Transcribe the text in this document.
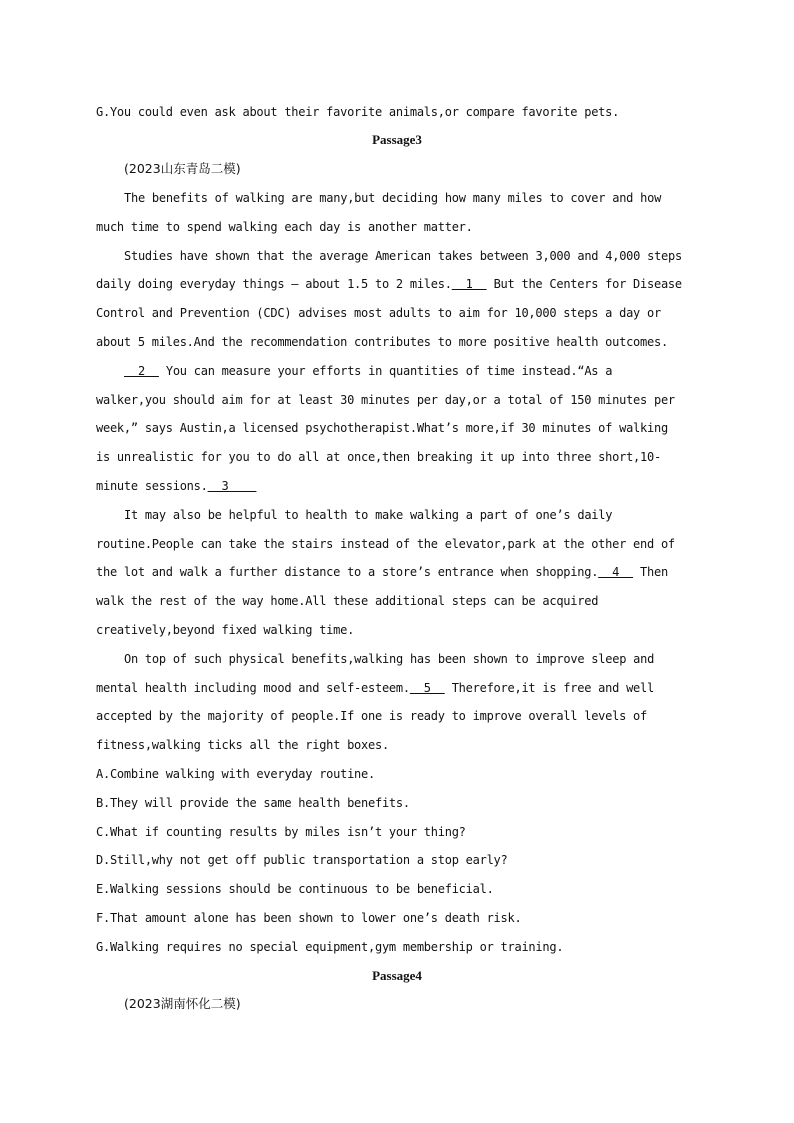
G.You could even ask about their favorite animals,or compare favorite pets.
Passage3
(2023山东青岛二模)
The benefits of walking are many,but deciding how many miles to cover and how
much time to spend walking each day is another matter.
Studies have shown that the average American takes between 3,000 and 4,000 steps
daily doing everyday things — about 1.5 to 2 miles.  1   But the Centers for Disease
Control and Prevention (CDC) advises most adults to aim for 10,000 steps a day or
about 5 miles.And the recommendation contributes to more positive health outcomes.
2   You can measure your efforts in quantities of time instead.“As a
walker,you should aim for at least 30 minutes per day,or a total of 150 minutes per
week,” says Austin,a licensed psychotherapist.What’s more,if 30 minutes of walking
is unrealistic for you to do all at once,then breaking it up into three short,10-
minute sessions.  3
It may also be helpful to health to make walking a part of one’s daily
routine.People can take the stairs instead of the elevator,park at the other end of
the lot and walk a further distance to a store’s entrance when shopping.  4   Then
walk the rest of the way home.All these additional steps can be acquired
creatively,beyond fixed walking time.
On top of such physical benefits,walking has been shown to improve sleep and
mental health including mood and self-esteem.  5   Therefore,it is free and well
accepted by the majority of people.If one is ready to improve overall levels of
fitness,walking ticks all the right boxes.
A.Combine walking with everyday routine.
B.They will provide the same health benefits.
C.What if counting results by miles isn’t your thing?
D.Still,why not get off public transportation a stop early?
E.Walking sessions should be continuous to be beneficial.
F.That amount alone has been shown to lower one’s death risk.
G.Walking requires no special equipment,gym membership or training.
Passage4
(2023湖南怀化二模)
